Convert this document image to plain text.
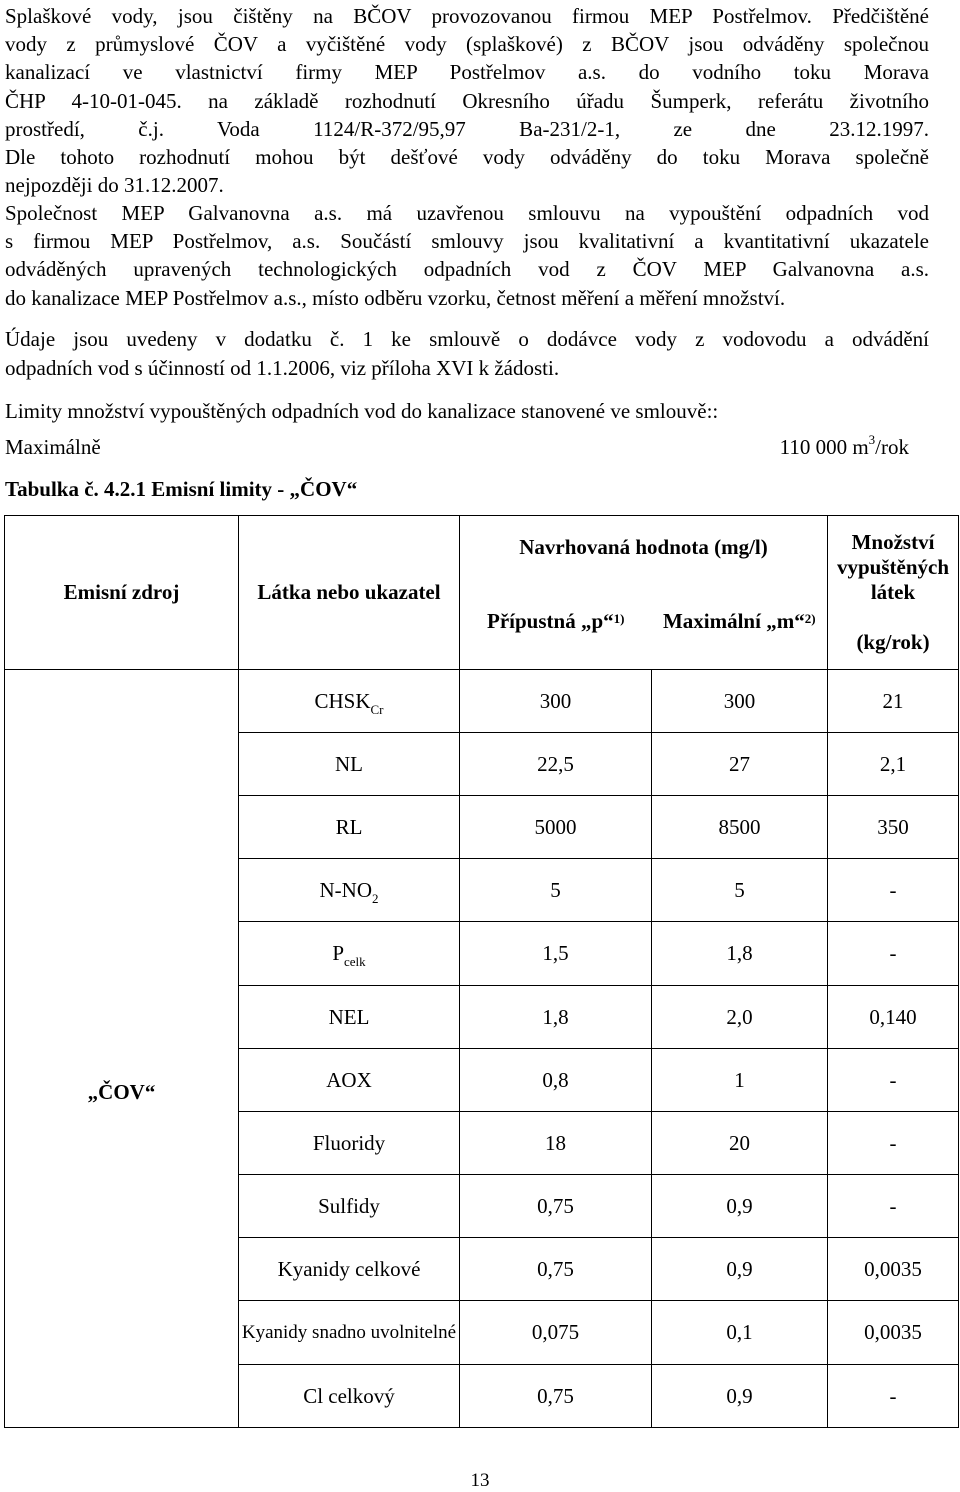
Splaškové vody, jsou čištěny na BČOV provozovanou firmou MEP Postřelmov. Předčištěné
vody z průmyslové ČOV a vyčištěné vody (splaškové) z BČOV jsou odváděny společnou
kanalizací ve vlastnictví firmy MEP Postřelmov a.s. do vodního toku Morava
ČHP 4-10-01-045. na základě rozhodnutí Okresního úřadu Šumperk, referátu životního
prostředí, č.j. Voda 1124/R-372/95,97 Ba-231/2-1, ze dne 23.12.1997.
Dle tohoto rozhodnutí mohou být dešťové vody odváděny do toku Morava společně
nejpozději do 31.12.2007.
Společnost MEP Galvanovna a.s. má uzavřenou smlouvu na vypouštění odpadních vod
s firmou MEP Postřelmov, a.s. Součástí smlouvy jsou kvalitativní a kvantitativní ukazatele
odváděných upravených technologických odpadních vod z ČOV MEP Galvanovna a.s.
do kanalizace MEP Postřelmov a.s., místo odběru vzorku, četnost měření a měření množství.
Údaje jsou uvedeny v dodatku č. 1 ke smlouvě o dodávce vody z vodovodu a odvádění
odpadních vod s účinností od 1.1.2006, viz příloha XVI k žádosti.
Limity množství vypouštěných odpadních vod do kanalizace stanovené ve smlouvě::
Maximálně	110 000 $m^3$/rok
Tabulka č. 4.2.1 Emisní limity - „ČOV“
Emisní zdroj	Látka nebo ukazatel	Navrhovaná hodnota (mg/l)		Množství vypuštěných látek

(kg/rok)
		Přípustná „p“$^{1)}$	Maximální „m“$^{2)}$
„ČOV“	$CHSK_{Cr}$	300	300	21
	NL	22,5	27	2,1
	RL	5000	8500	350
	$N-NO_2$	5	5	-
	$P_{celk}$	1,5	1,8	-
	NEL	1,8	2,0	0,140
	AOX	0,8	1	-
	Fluoridy	18	20	-
	Sulfidy	0,75	0,9	-
	Kyanidy celkové	0,75	0,9	0,0035
	Kyanidy snadno uvolnitelné	0,075	0,1	0,0035
	Cl celkový	0,75	0,9	-
13
